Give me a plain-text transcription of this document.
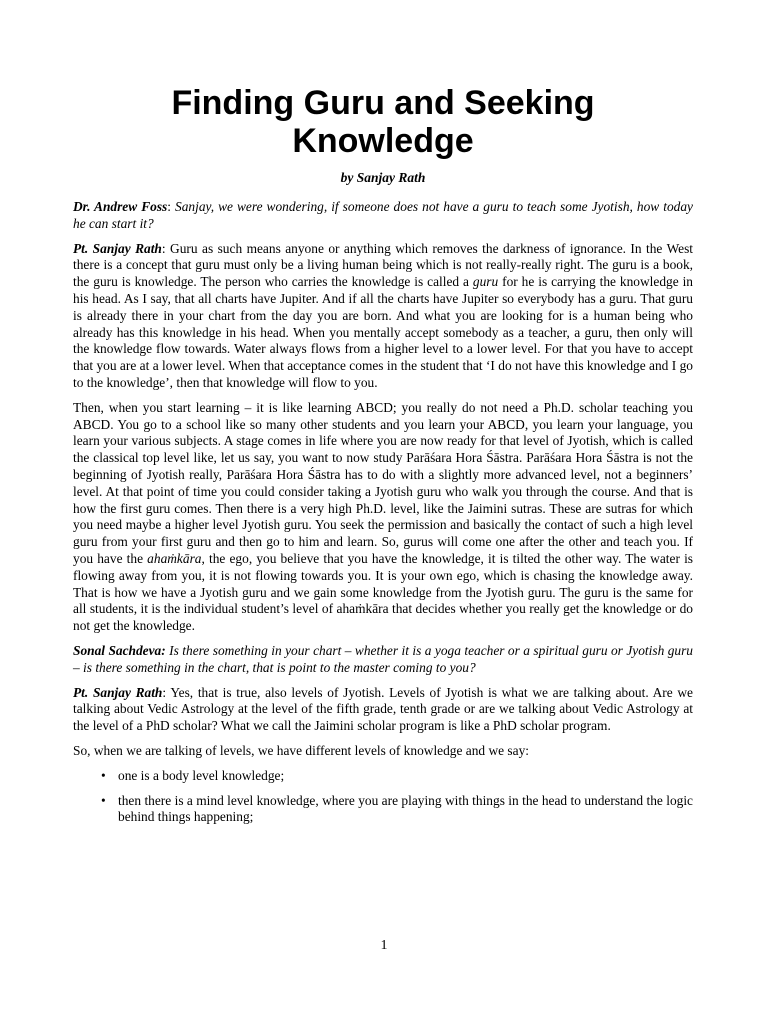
Finding Guru and Seeking Knowledge
by Sanjay Rath

Dr. Andrew Foss: Sanjay, we were wondering, if someone does not have a guru to teach some Jyotish, how today he can start it?

Pt. Sanjay Rath: Guru as such means anyone or anything which removes the darkness of ignorance. In the West there is a concept that guru must only be a living human being which is not really-really right. The guru is a book, the guru is knowledge. The person who carries the knowledge is called a guru for he is carrying the knowledge in his head. As I say, that all charts have Jupiter. And if all the charts have Jupiter so everybody has a guru. That guru is already there in your chart from the day you are born. And what you are looking for is a human being who already has this knowledge in his head. When you mentally accept somebody as a teacher, a guru, then only will the knowledge flow towards. Water always flows from a higher level to a lower level. For that you have to accept that you are at a lower level. When that acceptance comes in the student that ‘I do not have this knowledge and I go to the knowledge’, then that knowledge will flow to you.

Then, when you start learning – it is like learning ABCD; you really do not need a Ph.D. scholar teaching you ABCD. You go to a school like so many other students and you learn your ABCD, you learn your language, you learn your various subjects. A stage comes in life where you are now ready for that level of Jyotish, which is called the classical top level like, let us say, you want to now study Parāśara Hora Śāstra. Parāśara Hora Śāstra is not the beginning of Jyotish really, Parāśara Hora Śāstra has to do with a slightly more advanced level, not a beginners’ level. At that point of time you could consider taking a Jyotish guru who walk you through the course. And that is how the first guru comes. Then there is a very high Ph.D. level, like the Jaimini sutras. These are sutras for which you need maybe a higher level Jyotish guru. You seek the permission and basically the contact of such a high level guru from your first guru and then go to him and learn. So, gurus will come one after the other and teach you. If you have the ahaṁkāra, the ego, you believe that you have the knowledge, it is tilted the other way. The water is flowing away from you, it is not flowing towards you. It is your own ego, which is chasing the knowledge away. That is how we have a Jyotish guru and we gain some knowledge from the Jyotish guru. The guru is the same for all students, it is the individual student’s level of ahaṁkāra that decides whether you really get the knowledge or do not get the knowledge.

Sonal Sachdeva: Is there something in your chart – whether it is a yoga teacher or a spiritual guru or Jyotish guru – is there something in the chart, that is point to the master coming to you?

Pt. Sanjay Rath: Yes, that is true, also levels of Jyotish. Levels of Jyotish is what we are talking about. Are we talking about Vedic Astrology at the level of the fifth grade, tenth grade or are we talking about Vedic Astrology at the level of a PhD scholar? What we call the Jaimini scholar program is like a PhD scholar program.

So, when we are talking of levels, we have different levels of knowledge and we say:

• one is a body level knowledge;
• then there is a mind level knowledge, where you are playing with things in the head to understand the logic behind things happening;
1
